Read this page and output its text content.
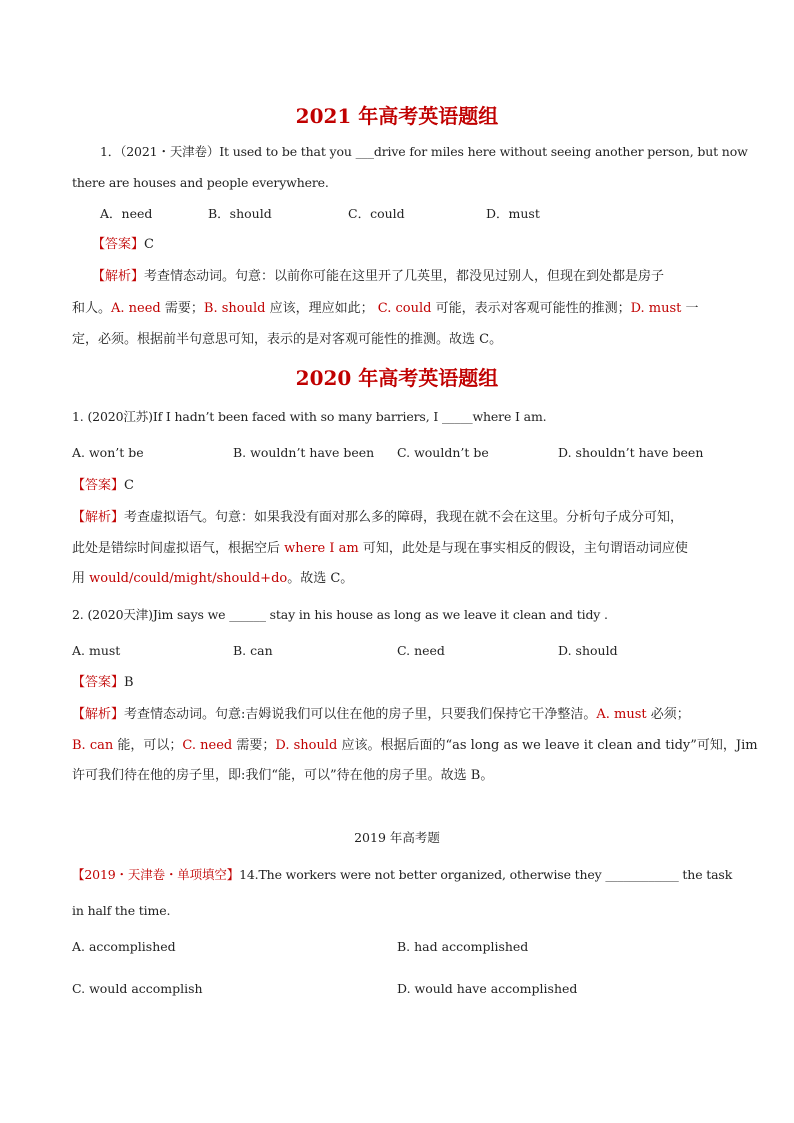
2021 年高考英语题组
1．（2021・天津卷）It used to be that you ___drive for miles here without seeing another person, but now
there are houses and people everywhere.
A．need	B．should	C．could	D．must
【答案】C
【解析】考查情态动词。句意：以前你可能在这里开了几英里，都没见过别人，但现在到处都是房子
和人。A. need 需要；B. should 应该，理应如此； C. could 可能，表示对客观可能性的推测；D. must 一
定，必须。根据前半句意思可知，表示的是对客观可能性的推测。故选 C。
2020 年高考英语题组
1. (2020江苏)If I hadn’t been faced with so many barriers, I _____where I am.
A. won’t be	B. wouldn’t have been C. wouldn’t be	D. shouldn’t have been
【答案】C
【解析】考查虚拟语气。句意：如果我没有面对那么多的障碍，我现在就不会在这里。分析句子成分可知，
此处是错综时间虚拟语气，根据空后 where I am 可知，此处是与现在事实相反的假设，主句谓语动词应使
用 would/could/might/should+do。故选 C。
2. (2020天津)Jim says we ______ stay in his house as long as we leave it clean and tidy .
A. must	B. can	C. need	D. should
【答案】B
【解析】考查情态动词。句意:吉姆说我们可以住在他的房子里，只要我们保持它干净整洁。A. must 必须；
B. can 能，可以；C. need 需要；D. should 应该。根据后面的“as long as we leave it clean and tidy”可知，Jim
许可我们待在他的房子里，即:我们“能，可以”待在他的房子里。故选 B。
2019 年高考题
【2019・天津卷・单项填空】14.The workers were not better organized, otherwise they ____________ the task
in half the time.
A. accomplished	B. had accomplished
C. would accomplish	D. would have accomplished
